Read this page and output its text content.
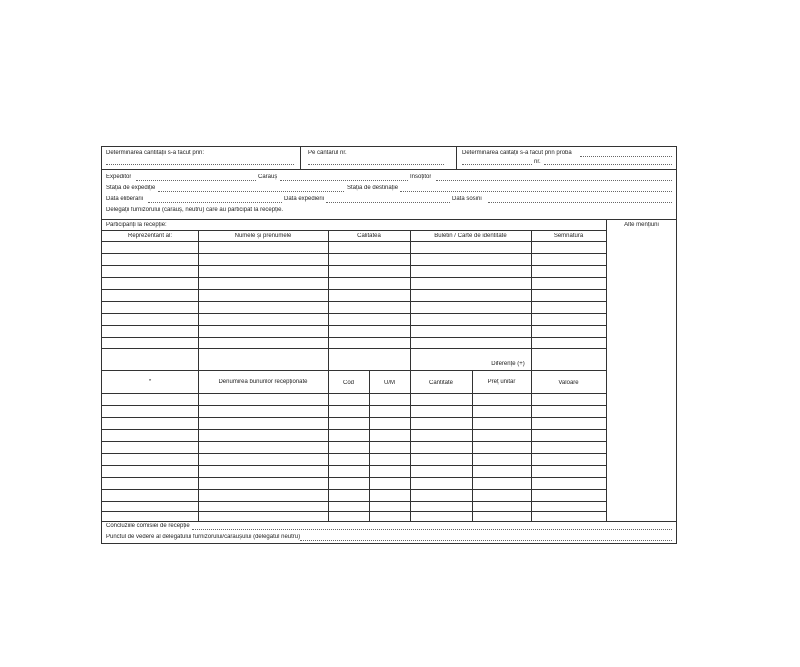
Determinarea cantității s-a făcut prin:	Pe cântarul nr.	Determinarea calității s-a făcut prin proba
nr.
Expeditor	Cărăuș	Însoțitor
Stația de expediție	Stația de destinație
Data eliberării	Data expedierii	Data sosirii
Delegații furnizorului (cărăuș, neutru) care au participat la recepție.
Alte mențiuni
Participanți la recepție:
Reprezentant al:	Numele și prenumele	Calitatea	Buletin / Carte de identitate	Semnătura
Diferențe (+)
*	Denumirea bunurilor recepționate	Cod	U/M	Cantitate	Preț unitar	Valoare
Concluziile comisiei de recepție
Punctul de vedere al delegatului furnizorului/cărăușului (delegatul neutru)
